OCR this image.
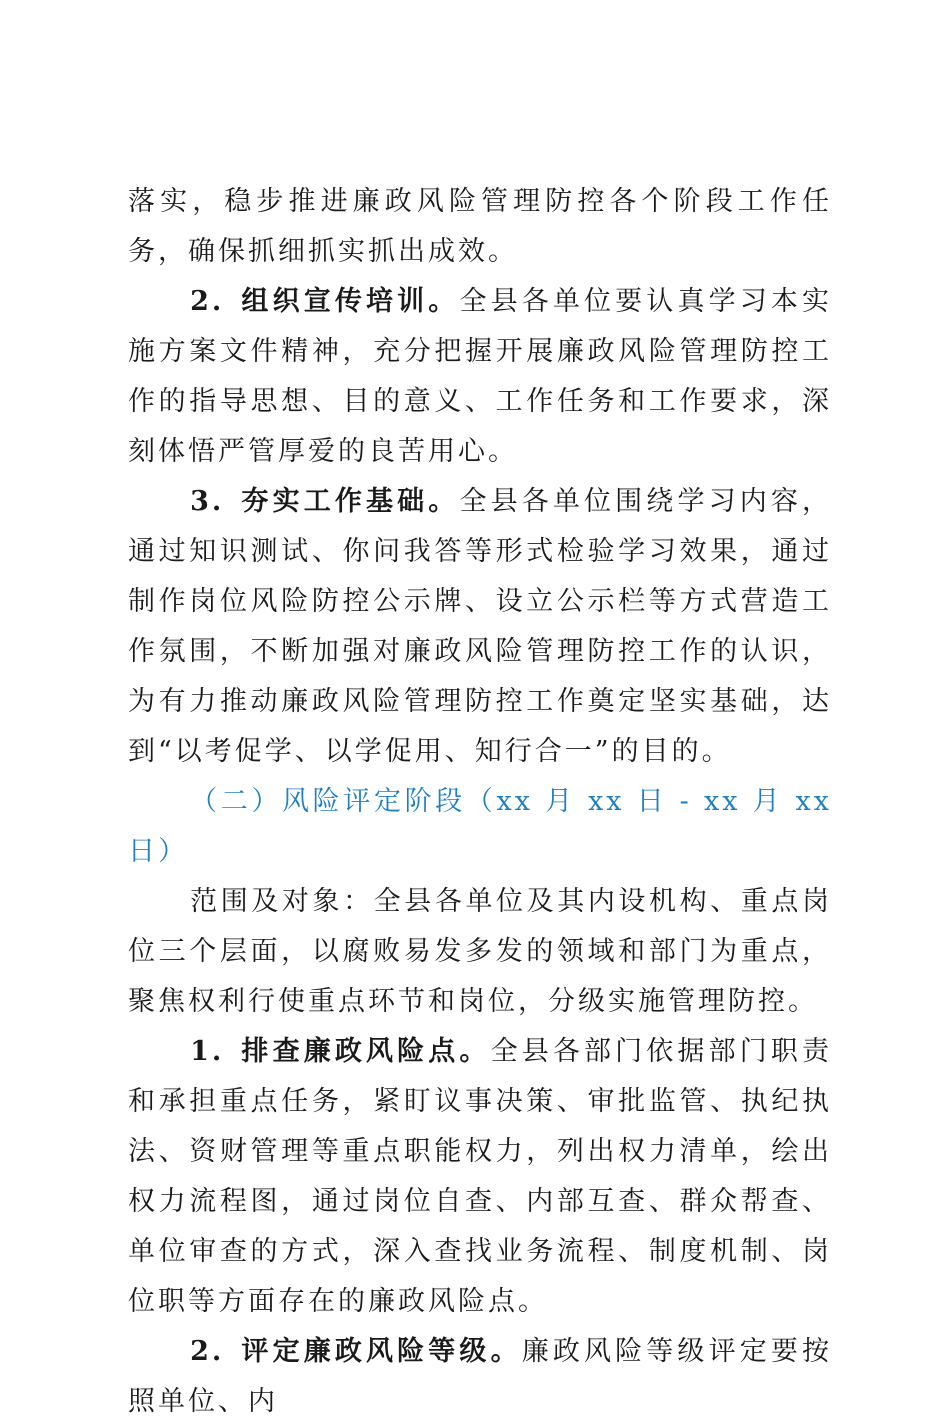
落实，稳步推进廉政风险管理防控各个阶段工作任务，确保抓细抓实抓出成效。

2. 组织宣传培训。全县各单位要认真学习本实施方案文件精神，充分把握开展廉政风险管理防控工作的指导思想、目的意义、工作任务和工作要求，深刻体悟严管厚爱的良苦用心。

3. 夯实工作基础。全县各单位围绕学习内容，通过知识测试、你问我答等形式检验学习效果，通过制作岗位风险防控公示牌、设立公示栏等方式营造工作氛围，不断加强对廉政风险管理防控工作的认识，为有力推动廉政风险管理防控工作奠定坚实基础，达到“以考促学、以学促用、知行合一”的目的。

（二）风险评定阶段（xx 月 xx 日 - xx 月 xx 日）

范围及对象：全县各单位及其内设机构、重点岗位三个层面，以腐败易发多发的领域和部门为重点，聚焦权利行使重点环节和岗位，分级实施管理防控。

1. 排查廉政风险点。全县各部门依据部门职责和承担重点任务，紧盯议事决策、审批监管、执纪执法、资财管理等重点职能权力，列出权力清单，绘出权力流程图，通过岗位自查、内部互查、群众帮查、单位审查的方式，深入查找业务流程、制度机制、岗位职等方面存在的廉政风险点。

2. 评定廉政风险等级。廉政风险等级评定要按照单位、内
